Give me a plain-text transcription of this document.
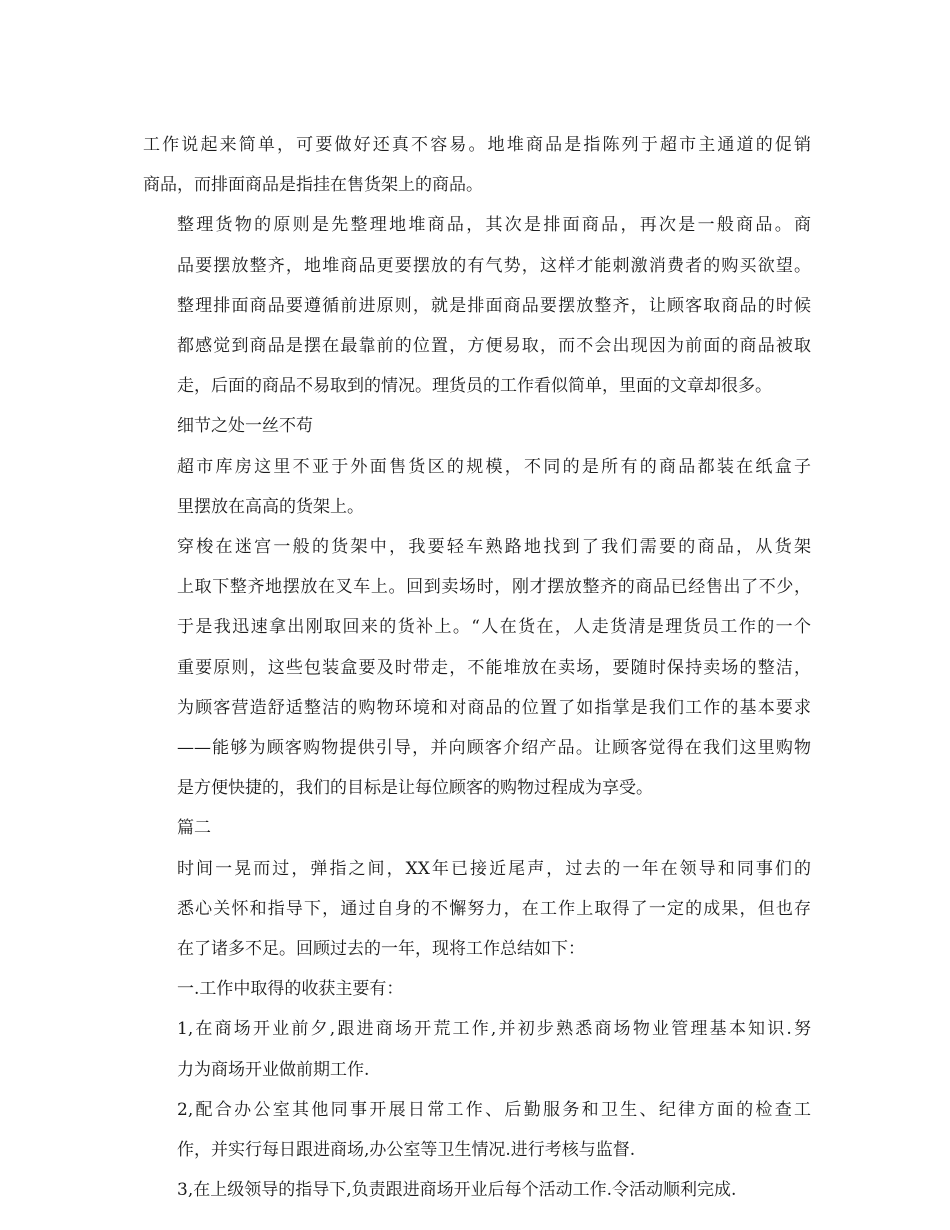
工作说起来简单，可要做好还真不容易。地堆商品是指陈列于超市主通道的促销
商品，而排面商品是指挂在售货架上的商品。
整理货物的原则是先整理地堆商品，其次是排面商品，再次是一般商品。商
品要摆放整齐，地堆商品更要摆放的有气势，这样才能刺激消费者的购买欲望。
整理排面商品要遵循前进原则，就是排面商品要摆放整齐，让顾客取商品的时候
都感觉到商品是摆在最靠前的位置，方便易取，而不会出现因为前面的商品被取
走，后面的商品不易取到的情况。理货员的工作看似简单，里面的文章却很多。
细节之处一丝不苟
超市库房这里不亚于外面售货区的规模，不同的是所有的商品都装在纸盒子
里摆放在高高的货架上。
穿梭在迷宫一般的货架中，我要轻车熟路地找到了我们需要的商品，从货架
上取下整齐地摆放在叉车上。回到卖场时，刚才摆放整齐的商品已经售出了不少，
于是我迅速拿出刚取回来的货补上。“人在货在，人走货清是理货员工作的一个
重要原则，这些包装盒要及时带走，不能堆放在卖场，要随时保持卖场的整洁，
为顾客营造舒适整洁的购物环境和对商品的位置了如指掌是我们工作的基本要求
——能够为顾客购物提供引导，并向顾客介绍产品。让顾客觉得在我们这里购物
是方便快捷的，我们的目标是让每位顾客的购物过程成为享受。
篇二
时间一晃而过，弹指之间，XX年已接近尾声，过去的一年在领导和同事们的
悉心关怀和指导下，通过自身的不懈努力，在工作上取得了一定的成果，但也存
在了诸多不足。回顾过去的一年，现将工作总结如下：
一.工作中取得的收获主要有：
1,在商场开业前夕,跟进商场开荒工作,并初步熟悉商场物业管理基本知识.努
力为商场开业做前期工作.
2,配合办公室其他同事开展日常工作、后勤服务和卫生、纪律方面的检查工
作，并实行每日跟进商场,办公室等卫生情况.进行考核与监督.
3,在上级领导的指导下,负责跟进商场开业后每个活动工作.令活动顺利完成.
